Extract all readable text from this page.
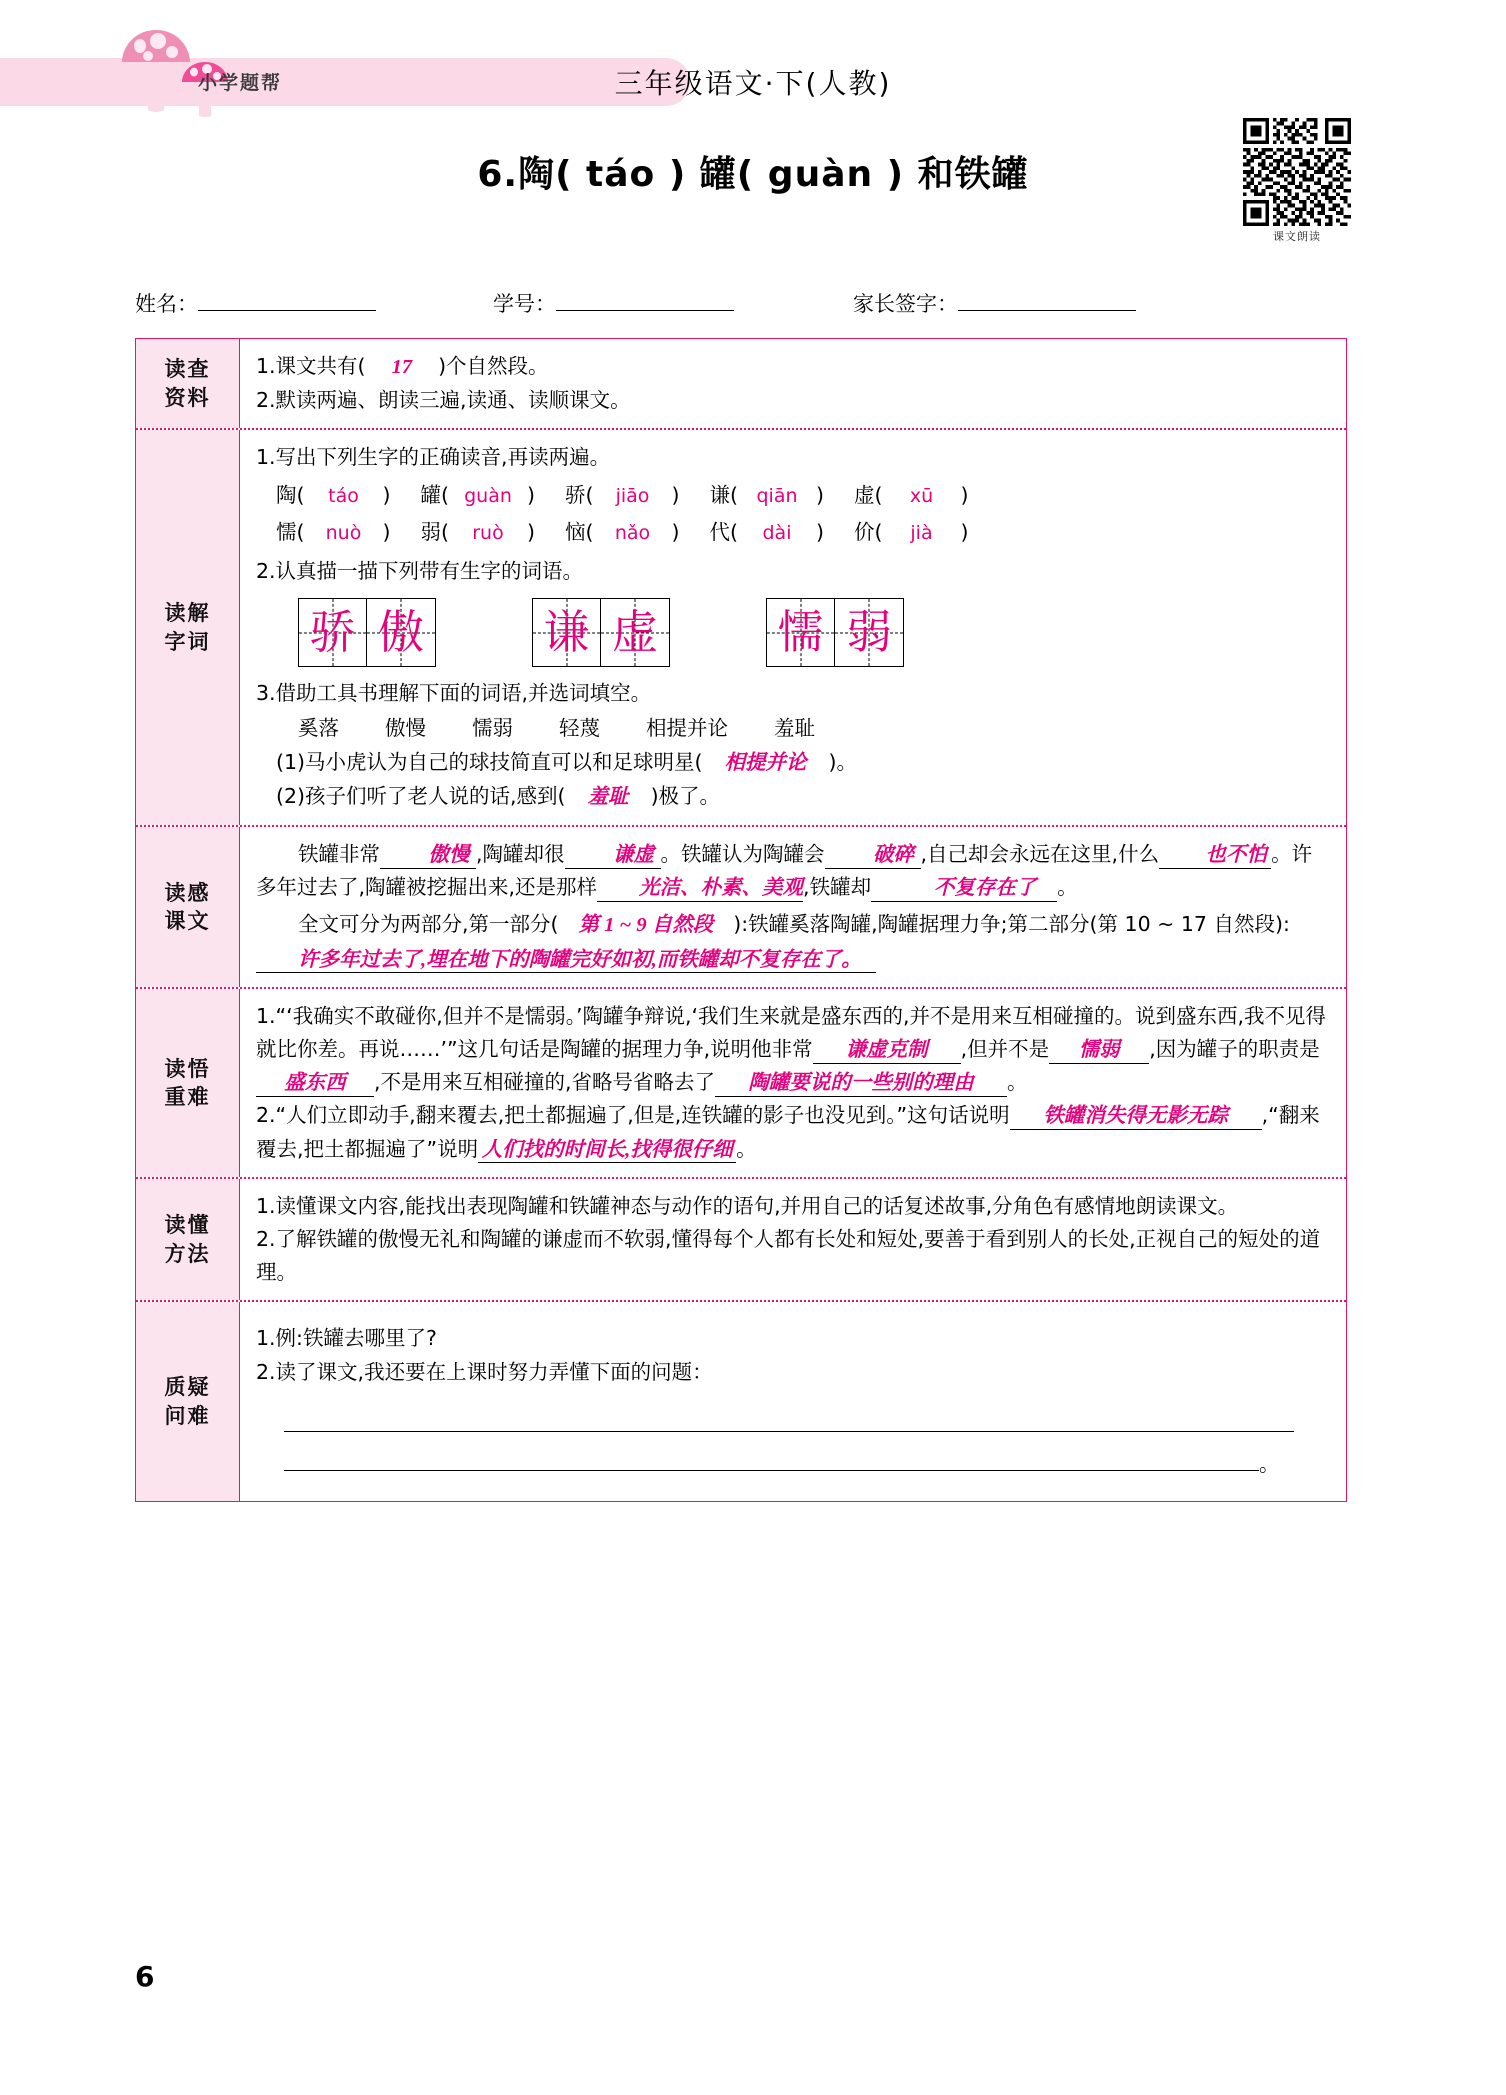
小学题帮	三年级语文·下(人教)
6.陶( táo ) 罐( guàn ) 和铁罐
课文朗读
姓名：	学号：	家长签字：
读查
资料
1.课文共有( 17 )个自然段。
2.默读两遍、朗读三遍,读通、读顺课文。
读解
字词
1.写出下列生字的正确读音,再读两遍。
陶 (	táo	) 罐 ( guàn ) 骄 (	jiāo	) 谦 ( qiān ) 虚 (	xū	)
懦 (	nuò	) 弱 (	ruò	) 恼 (	nǎo	) 代 (	dài	) 价 (	jià	)
2.认真描一描下列带有生字的词语。
骄 傲	谦 虚	懦 弱
3.借助工具书理解下面的词语,并选词填空。
奚落 傲慢 懦弱 轻蔑 相提并论 羞耻
(1)马小虎认为自己的球技简直可以和足球明星( 相提并论 )。
(2)孩子们听了老人说的话,感到( 羞耻 )极了。
读感
课文
铁罐非常 傲慢 ,陶罐却很 谦虚 。铁罐认为陶罐会 破碎 ,自己却会永远在这里,什么 也不怕 。许多年过去了,陶罐被挖掘出来,还是那样 光洁、朴素、美观,铁罐却	不复存在了 。
全文可分为两部分,第一部分( 第 1 ~ 9 自然段 ):铁罐奚落陶罐,陶罐据理力争;第二部分(第 10 ~ 17 自然段):许多年过去了,埋在地下的陶罐完好如初,而铁罐却不复存在了。
读悟
重难
1.“‘我确实不敢碰你,但并不是懦弱。’陶罐争辩说,‘我们生来就是盛东西的,并不是用来互相碰撞的。说到盛东西,我不见得就比你差。再说……’”这几句话是陶罐的据理力争,说明他非常 谦虚克制 ,但并不是 懦弱 ,因为罐子的职责是盛东西 ,不是用来互相碰撞的,省略号省略去了 陶罐要说的一些别的理由 。
2.“人们立即动手,翻来覆去,把土都掘遍了,但是,连铁罐的影子也没见到。”这句话说明 铁罐消失得无影无踪 ,“翻来覆去,把土都掘遍了”说明 人们找的时间长,找得很仔细 。
读懂
方法
1.读懂课文内容,能找出表现陶罐和铁罐神态与动作的语句,并用自己的话复述故事,分角色有感情地朗读课文。
2.了解铁罐的傲慢无礼和陶罐的谦虚而不软弱,懂得每个人都有长处和短处,要善于看到别人的长处,正视自己的短处的道理。
质疑
问难
1.例:铁罐去哪里了?
2.读了课文,我还要在上课时努力弄懂下面的问题：
。
6
